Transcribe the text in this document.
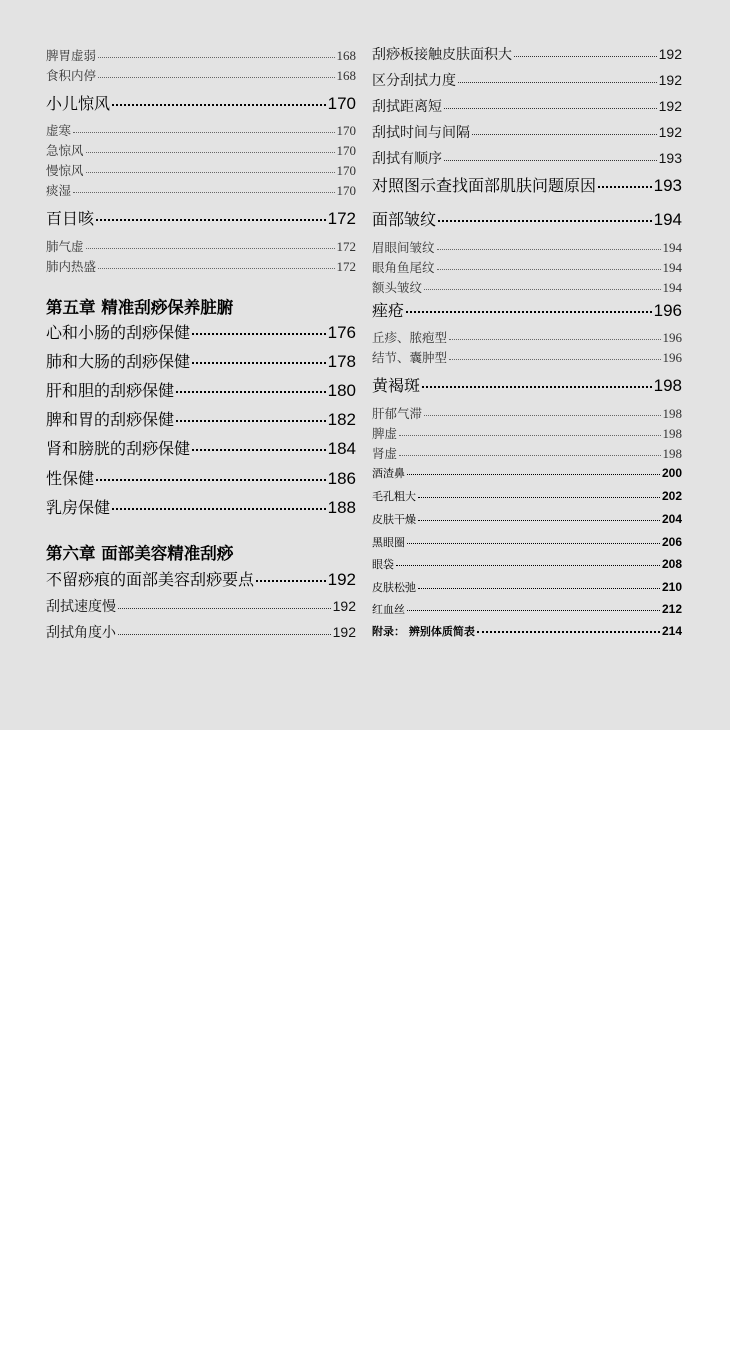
脾胃虚弱	168
食积内停	168
小儿惊风	170
虚寒	170
急惊风	170
慢惊风	170
痰湿	170
百日咳	172
肺气虚	172
肺内热盛	172
第五章 精准刮痧保养脏腑
心和小肠的刮痧保健	176
肺和大肠的刮痧保健	178
肝和胆的刮痧保健	180
脾和胃的刮痧保健	182
肾和膀胱的刮痧保健	184
性保健	186
乳房保健	188
第六章 面部美容精准刮痧
不留痧痕的面部美容刮痧要点	192
刮拭速度慢	192
刮拭角度小	192
刮痧板接触皮肤面积大	192
区分刮拭力度	192
刮拭距离短	192
刮拭时间与间隔	192
刮拭有顺序	193
对照图示查找面部肌肤问题原因	193
面部皱纹	194
眉眼间皱纹	194
眼角鱼尾纹	194
额头皱纹	194
痤疮	196
丘疹、脓疱型	196
结节、囊肿型	196
黄褐斑	198
肝郁气滞	198
脾虚	198
肾虚	198
酒渣鼻	200
毛孔粗大	202
皮肤干燥	204
黑眼圈	206
眼袋	208
皮肤松弛	210
红血丝	212
附录： 辨别体质简表	214
